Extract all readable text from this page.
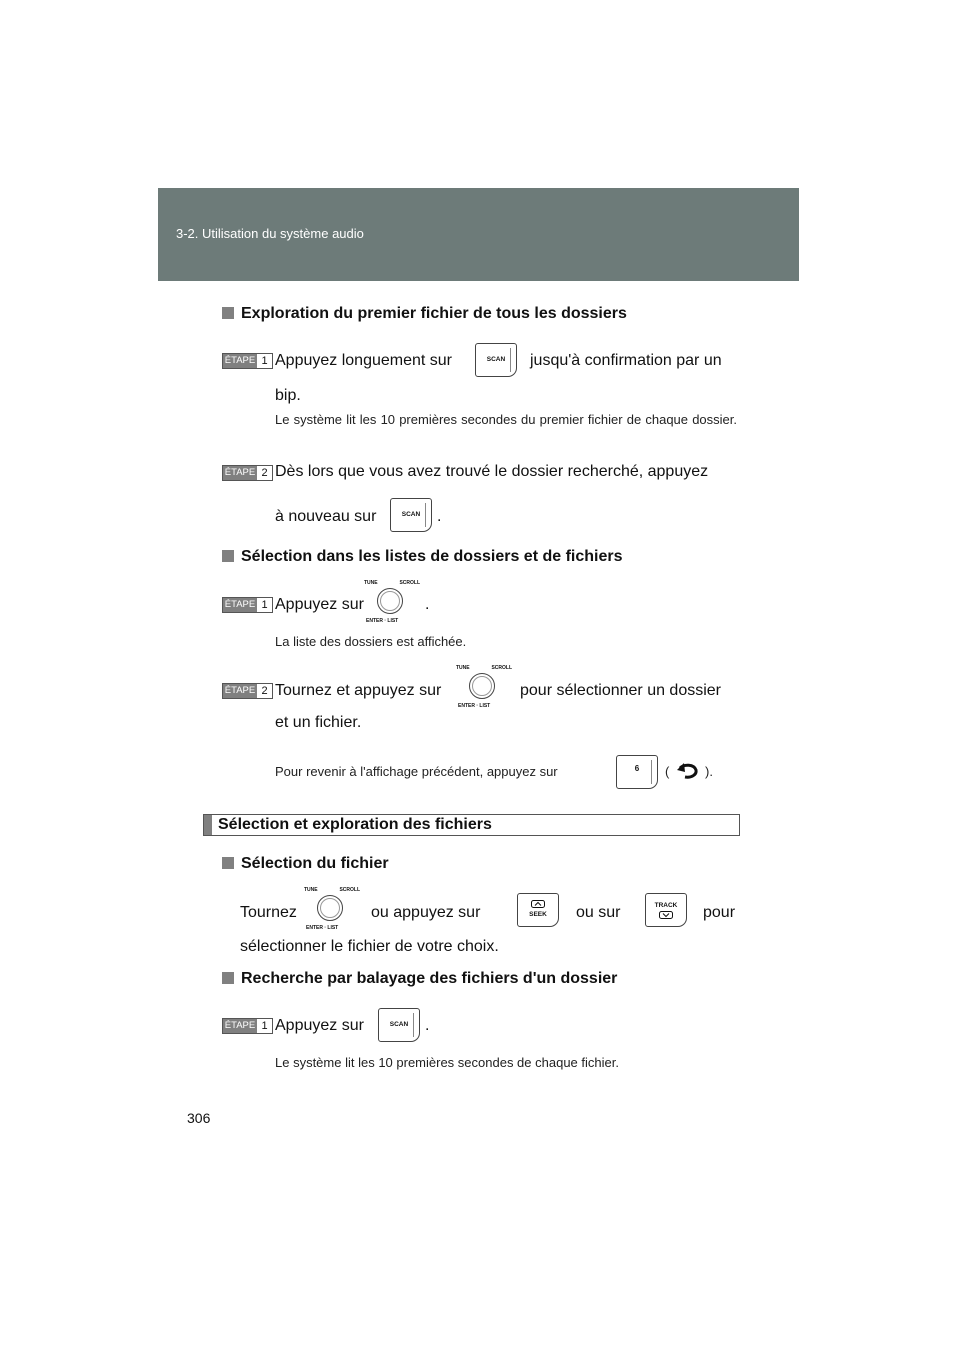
3-2. Utilisation du système audio
Exploration du premier fichier de tous les dossiers
ÉTAPE 1 Appuyez longuement sur	SCAN	jusqu'à confirmation par un
bip.
Le système lit les 10 premières secondes du premier fichier de chaque dossier.
ÉTAPE 2 Dès lors que vous avez trouvé le dossier recherché, appuyez
à nouveau sur	SCAN	.
Sélection dans les listes de dossiers et de fichiers
ÉTAPE 1 Appuyez sur
TUNE	SCROLL
ENTER · LIST
.
La liste des dossiers est affichée.
ÉTAPE 2 Tournez et appuyez sur
TUNE	SCROLL
ENTER · LIST
pour sélectionner un dossier
et un fichier.
Pour revenir à l'affichage précédent, appuyez sur	6	(	).
Sélection et exploration des fichiers
Sélection du fichier
Tournez
TUNE	SCROLL
ENTER · LIST
ou appuyez sur	SEEK	ou sur	TRACK	pour
sélectionner le fichier de votre choix.
Recherche par balayage des fichiers d'un dossier
ÉTAPE 1 Appuyez sur	SCAN	.
Le système lit les 10 premières secondes de chaque fichier.
306
